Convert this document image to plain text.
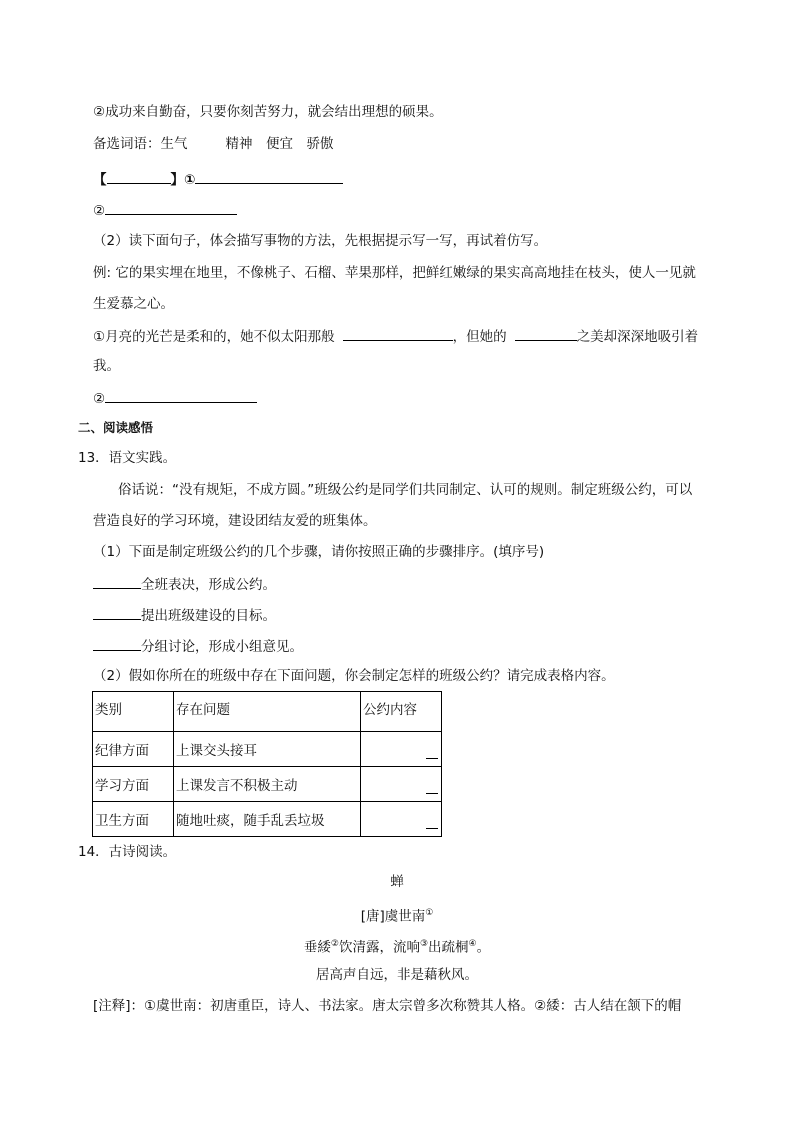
②成功来自勤奋，只要你刻苦努力，就会结出理想的硕果。
备选词语：生气	精神　便宜　骄傲
【	】①
②
（2）读下面句子，体会描写事物的方法，先根据提示写一写，再试着仿写。
例: 它的果实埋在地里，不像桃子、石榴、苹果那样，把鲜红嫩绿的果实高高地挂在枝头，使人一见就
生爱慕之心。
①月亮的光芒是柔和的，她不似太阳那般	，但她的	之美却深深地吸引着
我。
②
二、阅读感悟
13．语文实践。
俗话说：“没有规矩，不成方圆。”班级公约是同学们共同制定、认可的规则。制定班级公约，可以
营造良好的学习环境，建设团结友爱的班集体。
（1）下面是制定班级公约的几个步骤，请你按照正确的步骤排序。(填序号)
全班表决，形成公约。
提出班级建设的目标。
分组讨论，形成小组意见。
（2）假如你所在的班级中存在下面问题，你会制定怎样的班级公约？请完成表格内容。
类别	存在问题	公约内容
纪律方面	上课交头接耳	

学习方面	上课发言不积极主动	

卫生方面	随地吐痰，随手乱丢垃圾	
14．古诗阅读。
蝉
[唐]虞世南①
垂緌②饮清露，流响③出疏桐④。
居高声自远，非是藉秋风。
[注释]：①虞世南：初唐重臣，诗人、书法家。唐太宗曾多次称赞其人格。②緌：古人结在颔下的帽
